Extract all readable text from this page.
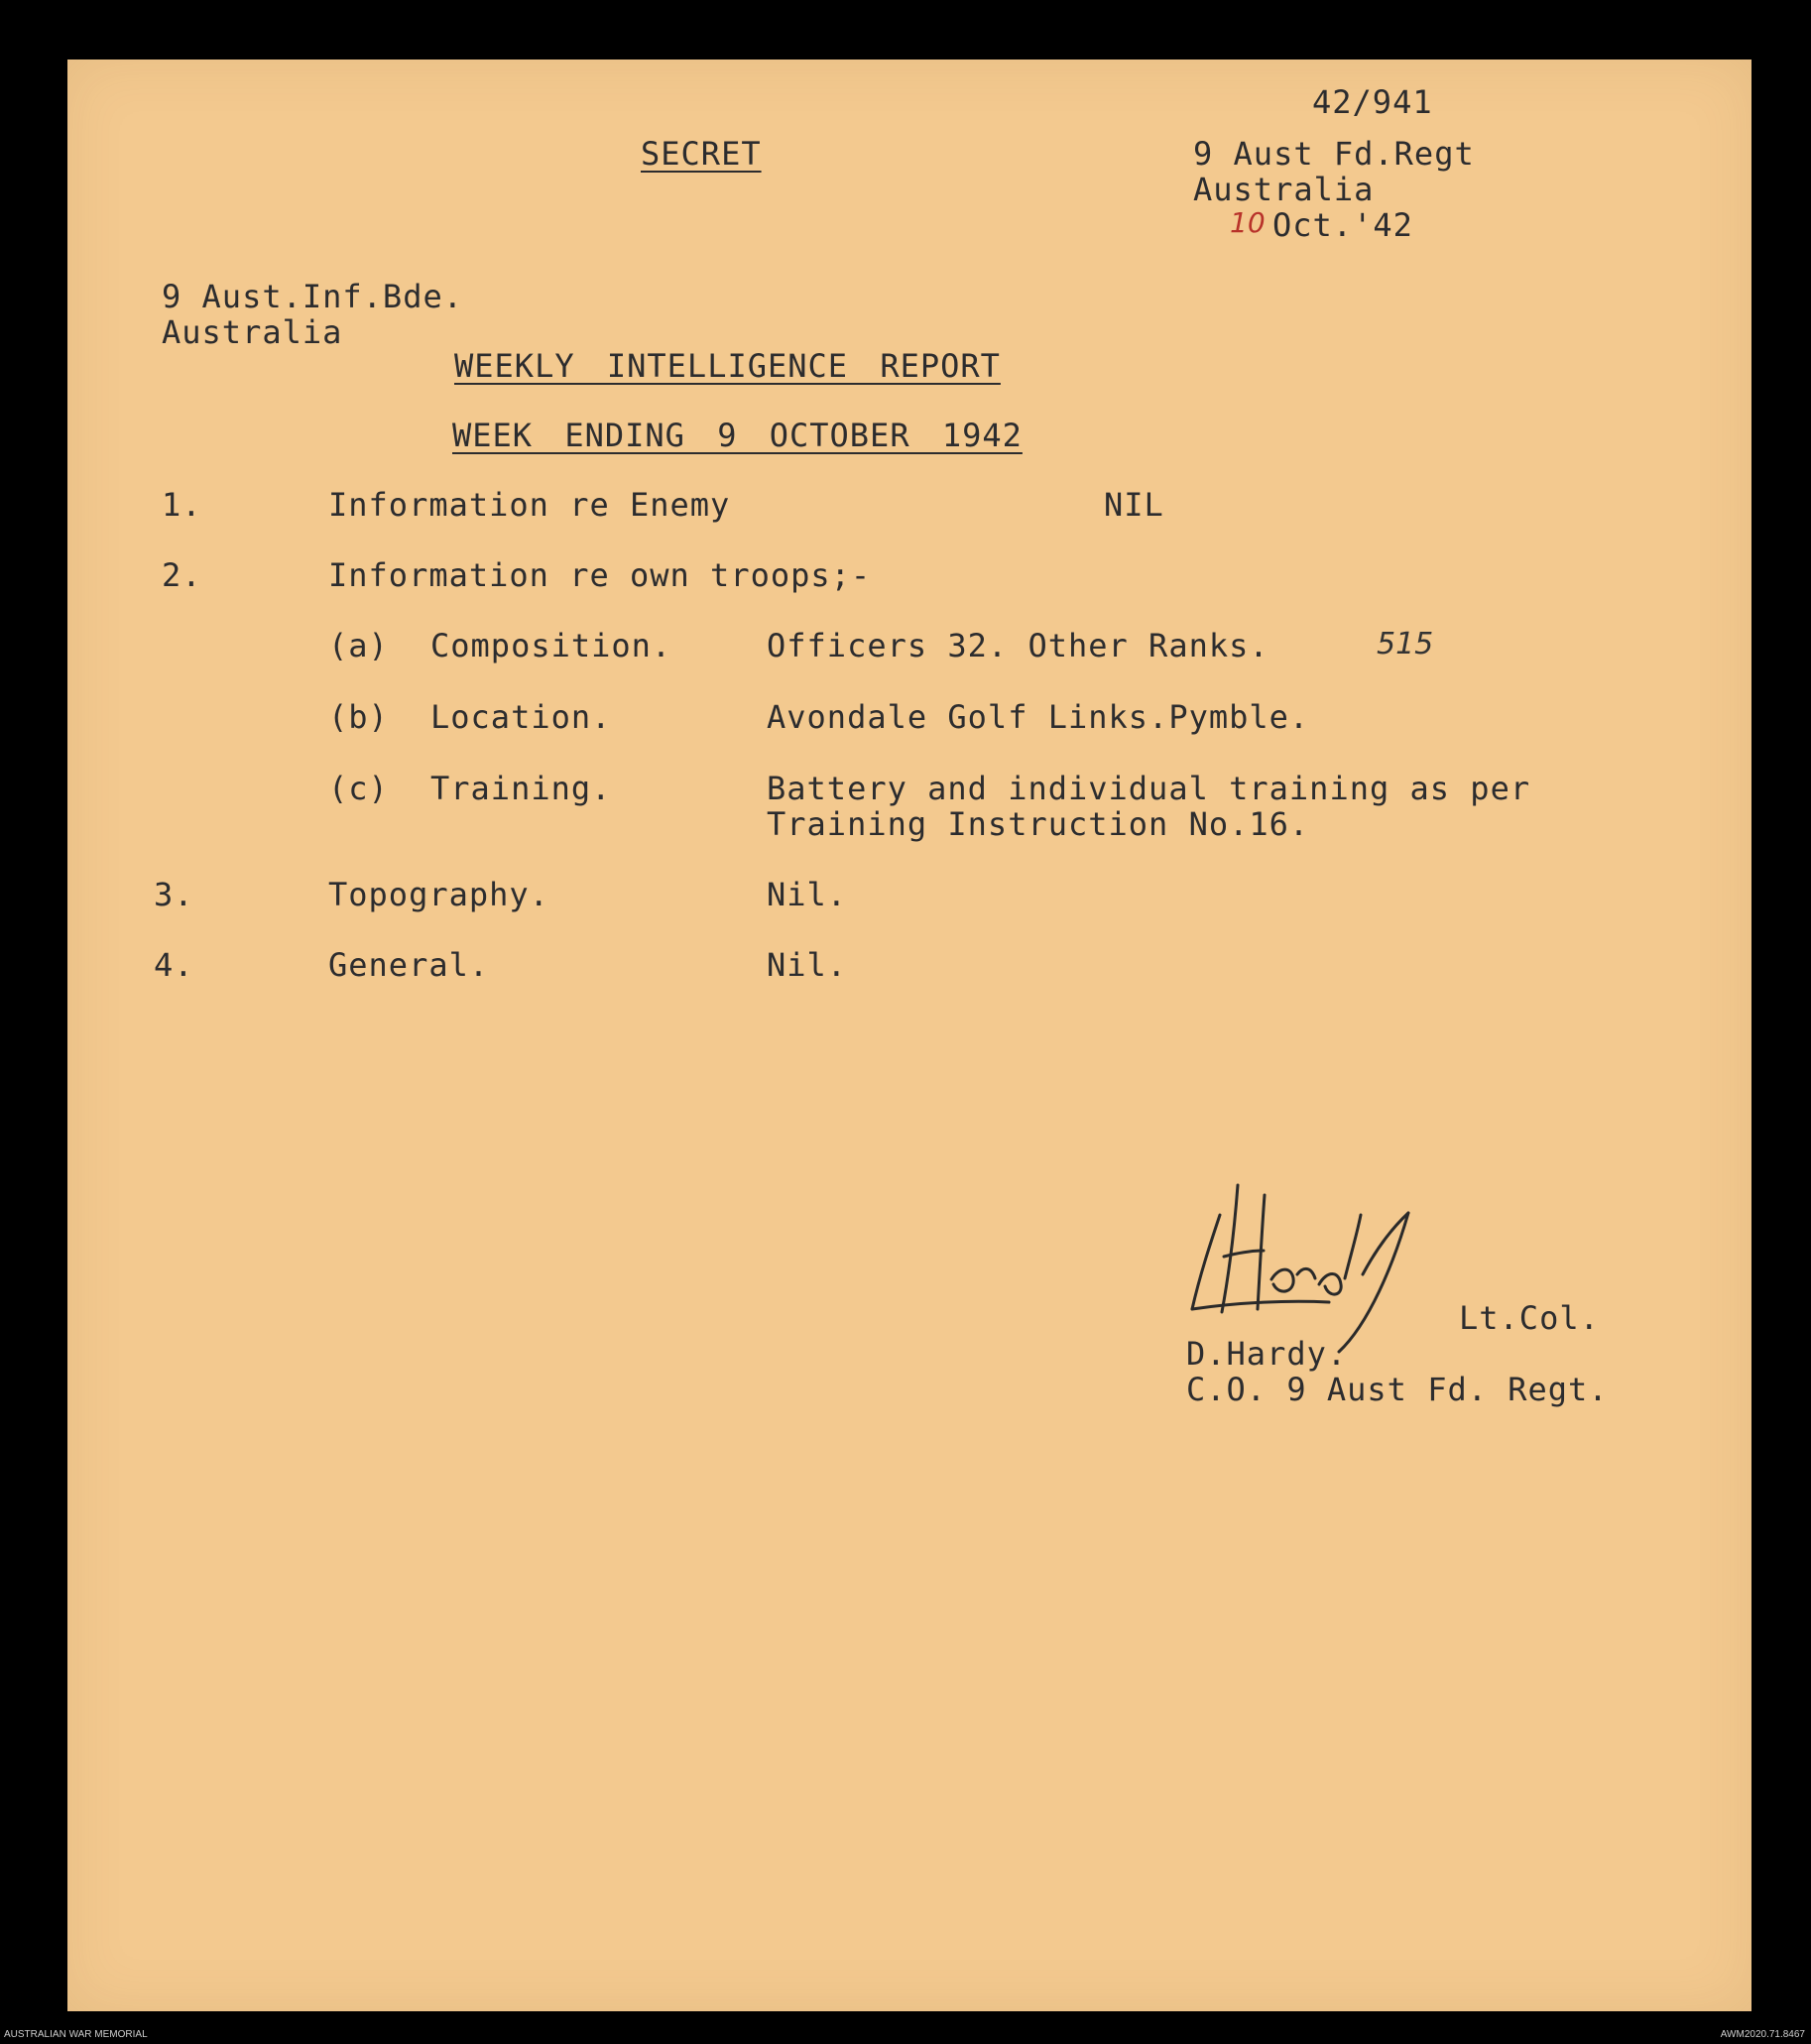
42/941
SECRET	9 Aust Fd.Regt
Australia
10 Oct.'42
9 Aust.Inf.Bde.
Australia
WEEKLY INTELLIGENCE REPORT
WEEK ENDING 9 OCTOBER 1942
1.	Information re Enemy	NIL
2.	Information re own troops;-
(a) Composition.	Officers 32. Other Ranks.	515
(b) Location.	Avondale Golf Links.Pymble.
(c) Training.	Battery and individual training as per
Training Instruction No.16.
3.	Topography.	Nil.
4.	General.	Nil.
Lt.Col.
D.Hardy.
C.O. 9 Aust Fd. Regt.
AUSTRALIAN WAR MEMORIAL	AWM2020.71.8467
